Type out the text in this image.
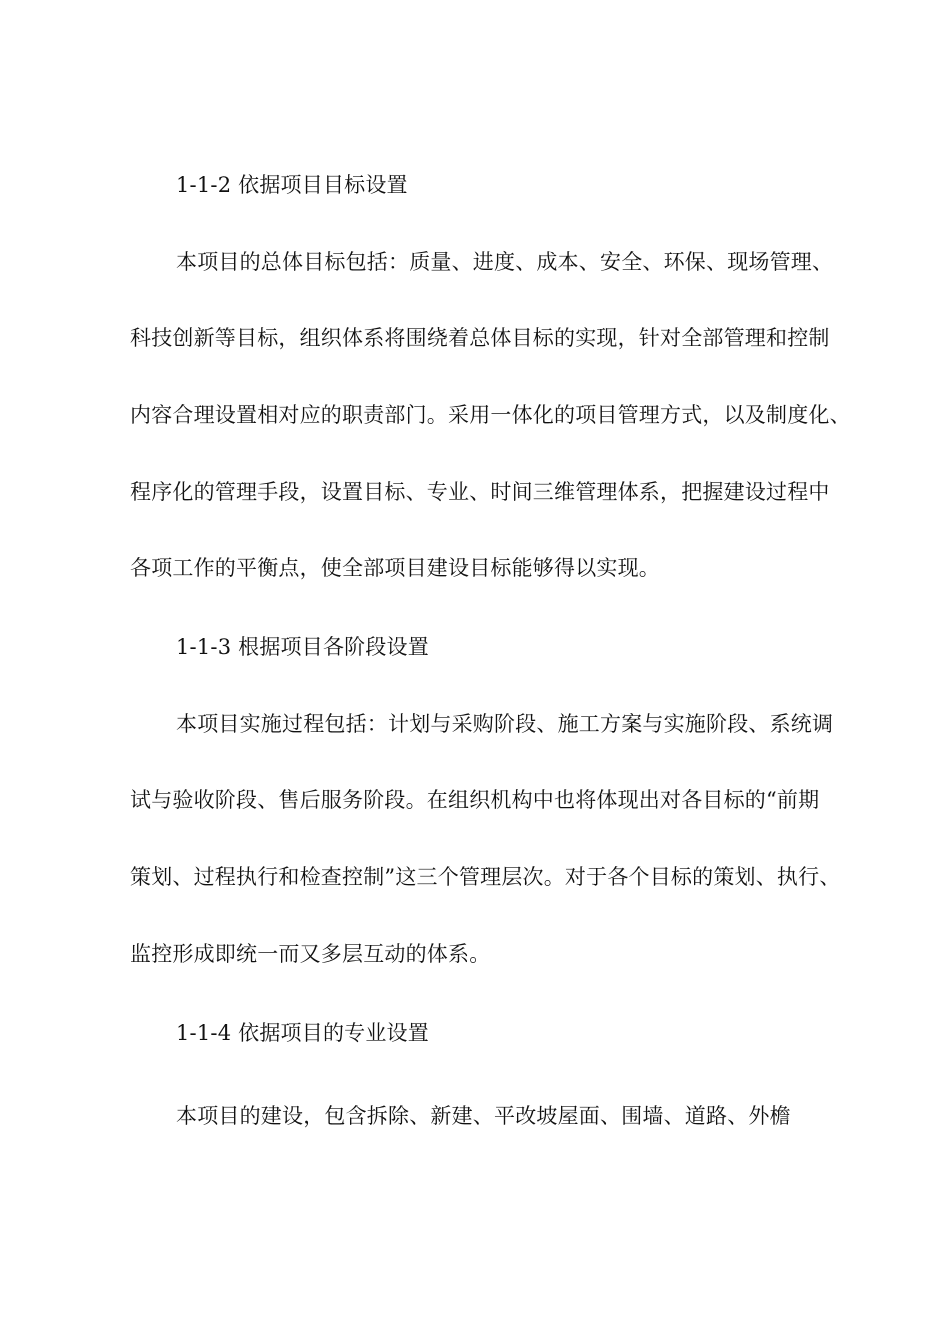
1-1-2 依据项目目标设置

本项目的总体目标包括：质量、进度、成本、安全、环保、现场管理、

科技创新等目标，组织体系将围绕着总体目标的实现，针对全部管理和控制

内容合理设置相对应的职责部门。采用一体化的项目管理方式，以及制度化、

程序化的管理手段，设置目标、专业、时间三维管理体系，把握建设过程中

各项工作的平衡点，使全部项目建设目标能够得以实现。

1-1-3 根据项目各阶段设置

本项目实施过程包括：计划与采购阶段、施工方案与实施阶段、系统调

试与验收阶段、售后服务阶段。在组织机构中也将体现出对各目标的“前期

策划、过程执行和检查控制”这三个管理层次。对于各个目标的策划、执行、

监控形成即统一而又多层互动的体系。

1-1-4 依据项目的专业设置

本项目的建设，包含拆除、新建、平改坡屋面、围墙、道路、外檐
